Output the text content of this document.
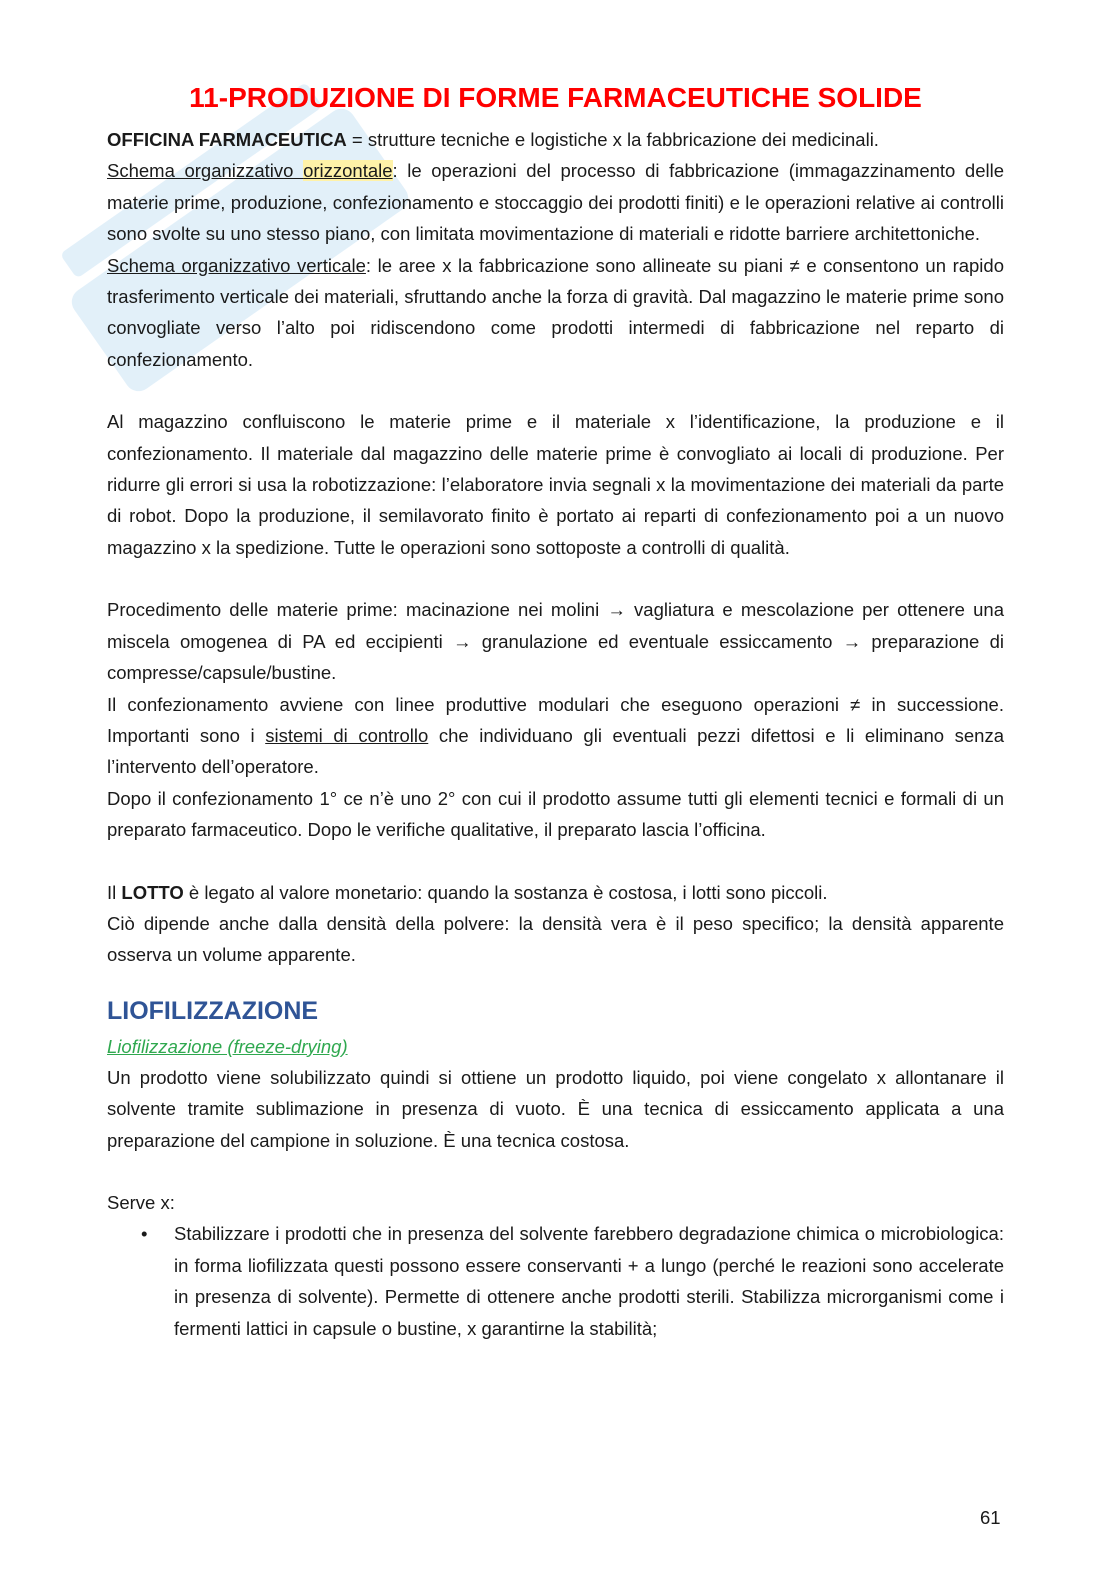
11-PRODUZIONE DI FORME FARMACEUTICHE SOLIDE

OFFICINA FARMACEUTICA = strutture tecniche e logistiche x la fabbricazione dei medicinali.

Schema organizzativo orizzontale: le operazioni del processo di fabbricazione (immagazzinamento delle materie prime, produzione, confezionamento e stoccaggio dei prodotti finiti) e le operazioni relative ai controlli sono svolte su uno stesso piano, con limitata movimentazione di materiali e ridotte barriere architettoniche.

Schema organizzativo verticale: le aree x la fabbricazione sono allineate su piani ≠ e consentono un rapido trasferimento verticale dei materiali, sfruttando anche la forza di gravità. Dal magazzino le materie prime sono convogliate verso l’alto poi ridiscendono come prodotti intermedi di fabbricazione nel reparto di confezionamento.

Al magazzino confluiscono le materie prime e il materiale x l’identificazione, la produzione e il confezionamento. Il materiale dal magazzino delle materie prime è convogliato ai locali di produzione. Per ridurre gli errori si usa la robotizzazione: l’elaboratore invia segnali x la movimentazione dei materiali da parte di robot. Dopo la produzione, il semilavorato finito è portato ai reparti di confezionamento poi a un nuovo magazzino x la spedizione. Tutte le operazioni sono sottoposte a controlli di qualità.

Procedimento delle materie prime: macinazione nei molini → vagliatura e mescolazione per ottenere una miscela omogenea di PA ed eccipienti → granulazione ed eventuale essiccamento → preparazione di compresse/capsule/bustine.

Il confezionamento avviene con linee produttive modulari che eseguono operazioni ≠ in successione. Importanti sono i sistemi di controllo che individuano gli eventuali pezzi difettosi e li eliminano senza l’intervento dell’operatore.

Dopo il confezionamento 1° ce n’è uno 2° con cui il prodotto assume tutti gli elementi tecnici e formali di un preparato farmaceutico. Dopo le verifiche qualitative, il preparato lascia l’officina.

Il LOTTO è legato al valore monetario: quando la sostanza è costosa, i lotti sono piccoli.

Ciò dipende anche dalla densità della polvere: la densità vera è il peso specifico; la densità apparente osserva un volume apparente.

LIOFILIZZAZIONE
Liofilizzazione (freeze-drying)

Un prodotto viene solubilizzato quindi si ottiene un prodotto liquido, poi viene congelato x allontanare il solvente tramite sublimazione in presenza di vuoto. È una tecnica di essiccamento applicata a una preparazione del campione in soluzione. È una tecnica costosa.

Serve x:

• Stabilizzare i prodotti che in presenza del solvente farebbero degradazione chimica o microbiologica: in forma liofilizzata questi possono essere conservanti + a lungo (perché le reazioni sono accelerate in presenza di solvente). Permette di ottenere anche prodotti sterili. Stabilizza microrganismi come i fermenti lattici in capsule o bustine, x garantirne la stabilità;
61
